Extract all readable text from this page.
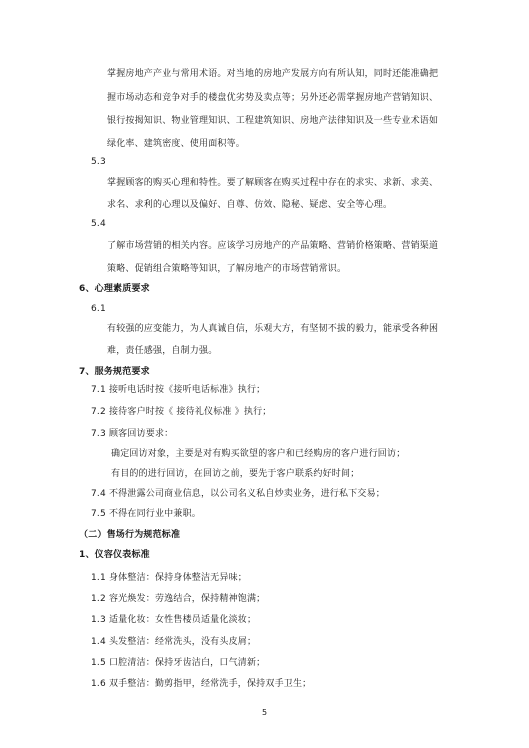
掌握房地产产业与常用术语。对当地的房地产发展方向有所认知，同时还能准确把
握市场动态和竞争对手的楼盘优劣势及卖点等；另外还必需掌握房地产营销知识、
银行按揭知识、物业管理知识、工程建筑知识、房地产法律知识及一些专业术语如
绿化率、建筑密度、使用面积等。
5.3
掌握顾客的购买心理和特性。要了解顾客在购买过程中存在的求实、求新、求美、
求名、求利的心理以及偏好、自尊、仿效、隐秘、疑虑、安全等心理。
5.4
了解市场营销的相关内容。应该学习房地产的产品策略、营销价格策略、营销渠道
策略、促销组合策略等知识，了解房地产的市场营销常识。
6、心理素质要求
6.1
有较强的应变能力，为人真诚自信，乐观大方，有坚韧不拔的毅力，能承受各种困
难，责任感强，自制力强。
7、服务规范要求
7.1 接听电话时按《接听电话标准》执行；
7.2 接待客户时按《 接待礼仪标准 》执行；
7.3 顾客回访要求：
确定回访对象，主要是对有购买欲望的客户和已经购房的客户进行回访；
有目的的进行回访，在回访之前，要先于客户联系约好时间；
7.4 不得泄露公司商业信息，以公司名义私自炒卖业务，进行私下交易；
7.5 不得在同行业中兼职。
（二）售场行为规范标准
1、仪容仪表标准
1.1 身体整洁：保持身体整洁无异味；
1.2 容光焕发：劳逸结合，保持精神饱满；
1.3 适量化妆：女性售楼员适量化淡妆；
1.4 头发整洁：经常洗头，没有头皮屑；
1.5 口腔清洁：保持牙齿洁白，口气清新；
1.6 双手整洁：勤剪指甲，经常洗手，保持双手卫生；
5
